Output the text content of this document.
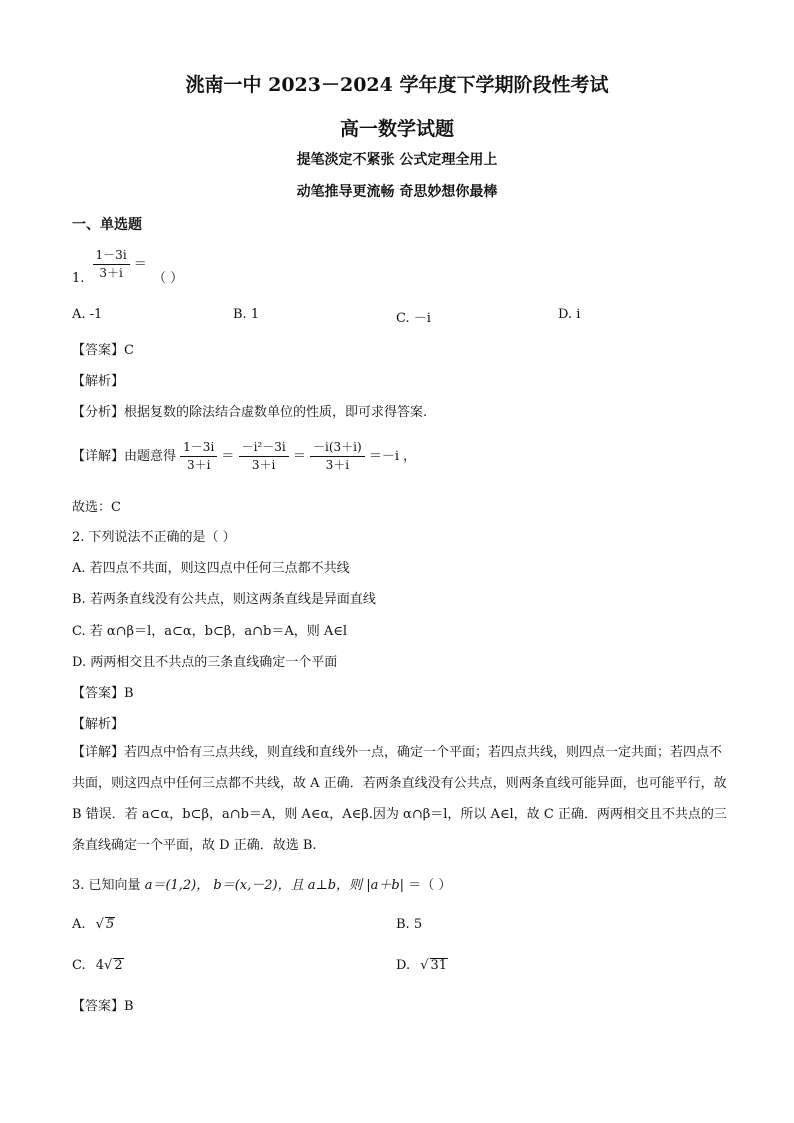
洮南一中 2023－2024 学年度下学期阶段性考试
高一数学试题
提笔淡定不紧张 公式定理全用上
动笔推导更流畅 奇思妙想你最棒
一、单选题
1. $\frac{1-3i}{3+i}$ ＝ （ ）
A. -1	B. 1	C. －i	D. i
【答案】C
【解析】
【分析】根据复数的除法结合虚数单位的性质，即可求得答案.
【详解】由题意得 $\frac{1-3i}{3+i} = \frac{\text{－i²－3i}}{3+i} = \frac{-i(3+i)}{3+i} =-i$ ，
故选：C
2. 下列说法不正确的是（ ）
A. 若四点不共面，则这四点中任何三点都不共线
B. 若两条直线没有公共点，则这两条直线是异面直线
C. 若 α∩β＝l，a⊂α，b⊂β，a∩b＝A，则 A∈l
D. 两两相交且不共点的三条直线确定一个平面
【答案】B
【解析】
【详解】若四点中恰有三点共线，则直线和直线外一点，确定一个平面；若四点共线，则四点一定共面；若四点不共面，则这四点中任何三点都不共线，故 A 正确．若两条直线没有公共点，则两条直线可能异面，也可能平行，故 B 错误．若 a⊂α，b⊂β，a∩b＝A，则 A∈α，A∈β.因为 α∩β＝l，所以 A∈l，故 C 正确．两两相交且不共点的三条直线确定一个平面，故 D 正确．故选 B.
3. 已知向量 a＝(1,2)， b＝(x,－2)，且 a⊥b，则 |a＋b| ＝（ ）
A. √ 5	B. 5
C. 4√ 2	D. √ 31
【答案】B
